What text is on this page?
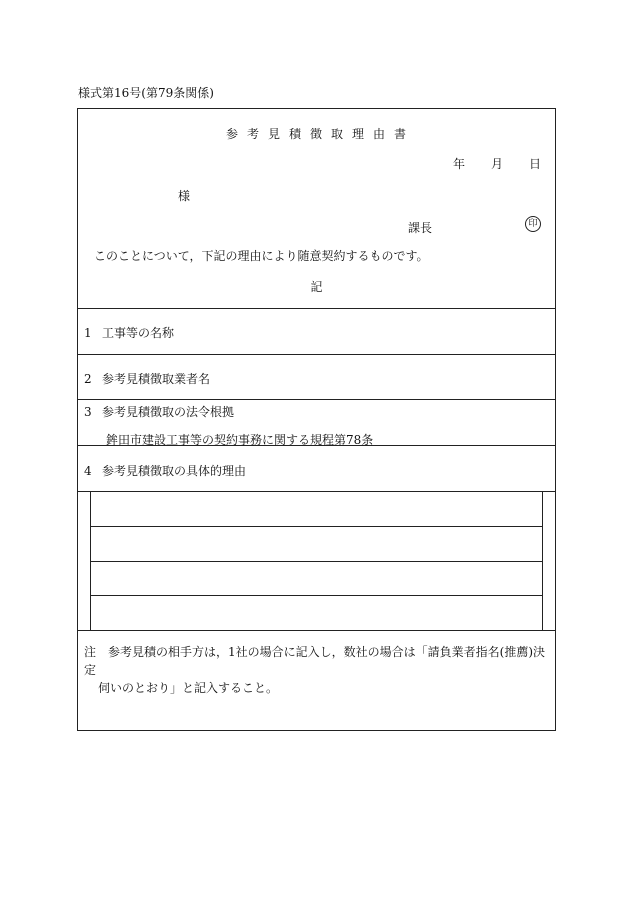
様式第16号(第79条関係)
参考見積徴取理由書
年 月 日
様
課長	印
このことについて，下記の理由により随意契約するものです。
記
1 工事等の名称
2 参考見積徴取業者名
3 参考見積徴取の法令根拠
鉾田市建設工事等の契約事務に関する規程第78条
4 参考見積徴取の具体的理由
注　 参考見積の相手方は，1社の場合に記入し，数社の場合は「請負業者指名(推薦)決定
伺いのとおり」と記入すること。
